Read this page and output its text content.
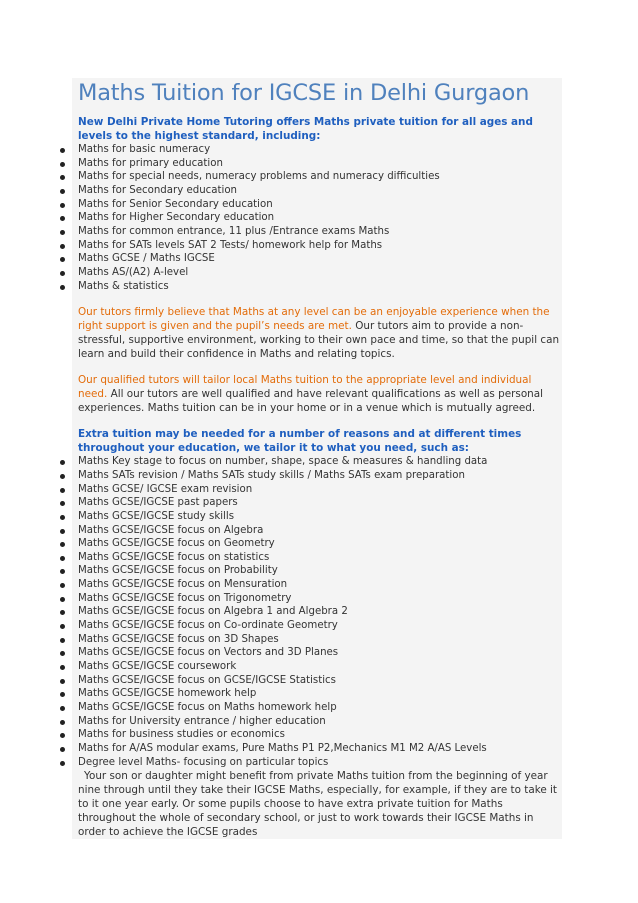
Maths Tuition for IGCSE in Delhi Gurgaon
New Delhi Private Home Tutoring offers Maths private tuition for all ages and levels to the highest standard, including:
Maths for basic numeracy
Maths for primary education
Maths for special needs, numeracy problems and numeracy difficulties
Maths for Secondary education
Maths for Senior Secondary education
Maths for Higher Secondary education
Maths for common entrance, 11 plus /Entrance exams Maths
Maths for SATs levels SAT 2 Tests/ homework help for Maths
Maths GCSE / Maths IGCSE
Maths AS/(A2) A-level
Maths & statistics
Our tutors firmly believe that Maths at any level can be an enjoyable experience when the right support is given and the pupil’s needs are met. Our tutors aim to provide a non-stressful, supportive environment, working to their own pace and time, so that the pupil can learn and build their confidence in Maths and relating topics.
Our qualified tutors will tailor local Maths tuition to the appropriate level and individual need. All our tutors are well qualified and have relevant qualifications as well as personal experiences. Maths tuition can be in your home or in a venue which is mutually agreed.
Extra tuition may be needed for a number of reasons and at different times throughout your education, we tailor it to what you need, such as:
Maths Key stage to focus on number, shape, space & measures & handling data
Maths SATs revision / Maths SATs study skills / Maths SATs exam preparation
Maths GCSE/ IGCSE exam revision
Maths GCSE/IGCSE past papers
Maths GCSE/IGCSE study skills
Maths GCSE/IGCSE focus on Algebra
Maths GCSE/IGCSE focus on Geometry
Maths GCSE/IGCSE focus on statistics
Maths GCSE/IGCSE focus on Probability
Maths GCSE/IGCSE focus on Mensuration
Maths GCSE/IGCSE focus on Trigonometry
Maths GCSE/IGCSE focus on Algebra 1 and Algebra 2
Maths GCSE/IGCSE focus on Co-ordinate Geometry
Maths GCSE/IGCSE focus on 3D Shapes
Maths GCSE/IGCSE focus on Vectors and 3D Planes
Maths GCSE/IGCSE coursework
Maths GCSE/IGCSE focus on GCSE/IGCSE Statistics
Maths GCSE/IGCSE homework help
Maths GCSE/IGCSE focus on Maths homework help
Maths for University entrance / higher education
Maths for business studies or economics
Maths for A/AS modular exams, Pure Maths P1 P2,Mechanics M1 M2 A/AS Levels
Degree level Maths- focusing on particular topics
Your son or daughter might benefit from private Maths tuition from the beginning of year nine through until they take their IGCSE Maths, especially, for example, if they are to take it to it one year early. Or some pupils choose to have extra private tuition for Maths throughout the whole of secondary school, or just to work towards their IGCSE Maths in order to achieve the IGCSE grades
